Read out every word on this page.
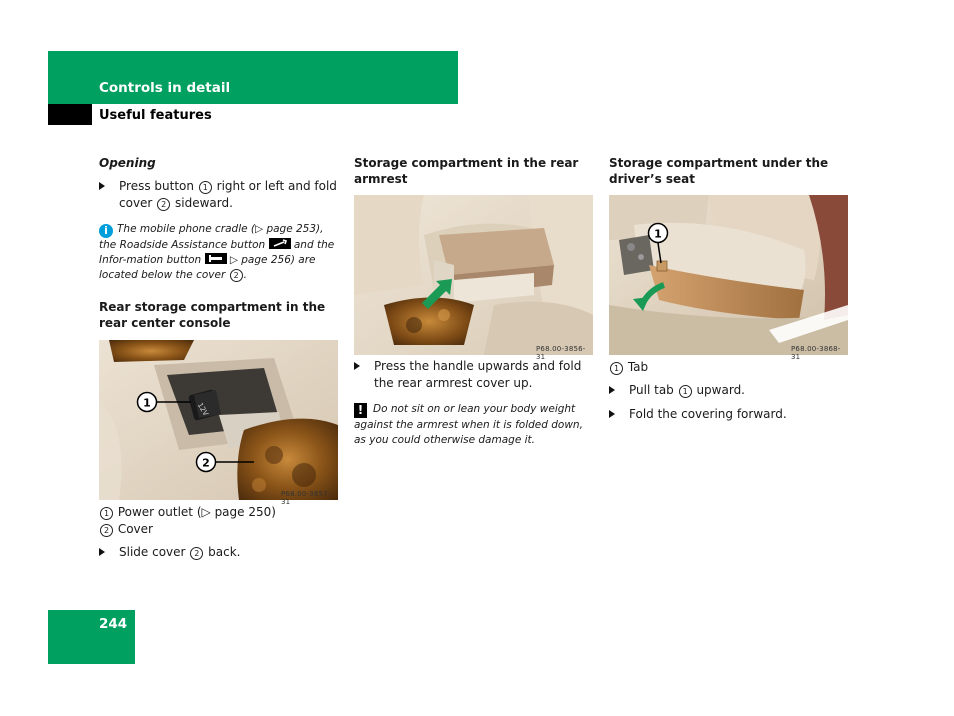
Controls in detail
Useful features
Opening
Press button 1 right or left and fold cover 2 sideward.
i The mobile phone cradle (▷ page 253), the Roadside Assistance button	and the Infor-mation button	▷ page 256) are located below the cover 2 .
Rear storage compartment in the rear center console
12V
1
2
P68.00-3857-31
1 Power outlet (▷ page 250)
2 Cover
Slide cover 2 back.
Storage compartment in the rear armrest
P68.00-3856-31
Press the handle upwards and fold the rear armrest cover up.
! Do not sit on or lean your body weight against the armrest when it is folded down, as you could otherwise damage it.
Storage compartment under the driver’s seat
1
P68.00-3868-31
1 Tab
Pull tab 1 upward.
Fold the covering forward.
244
